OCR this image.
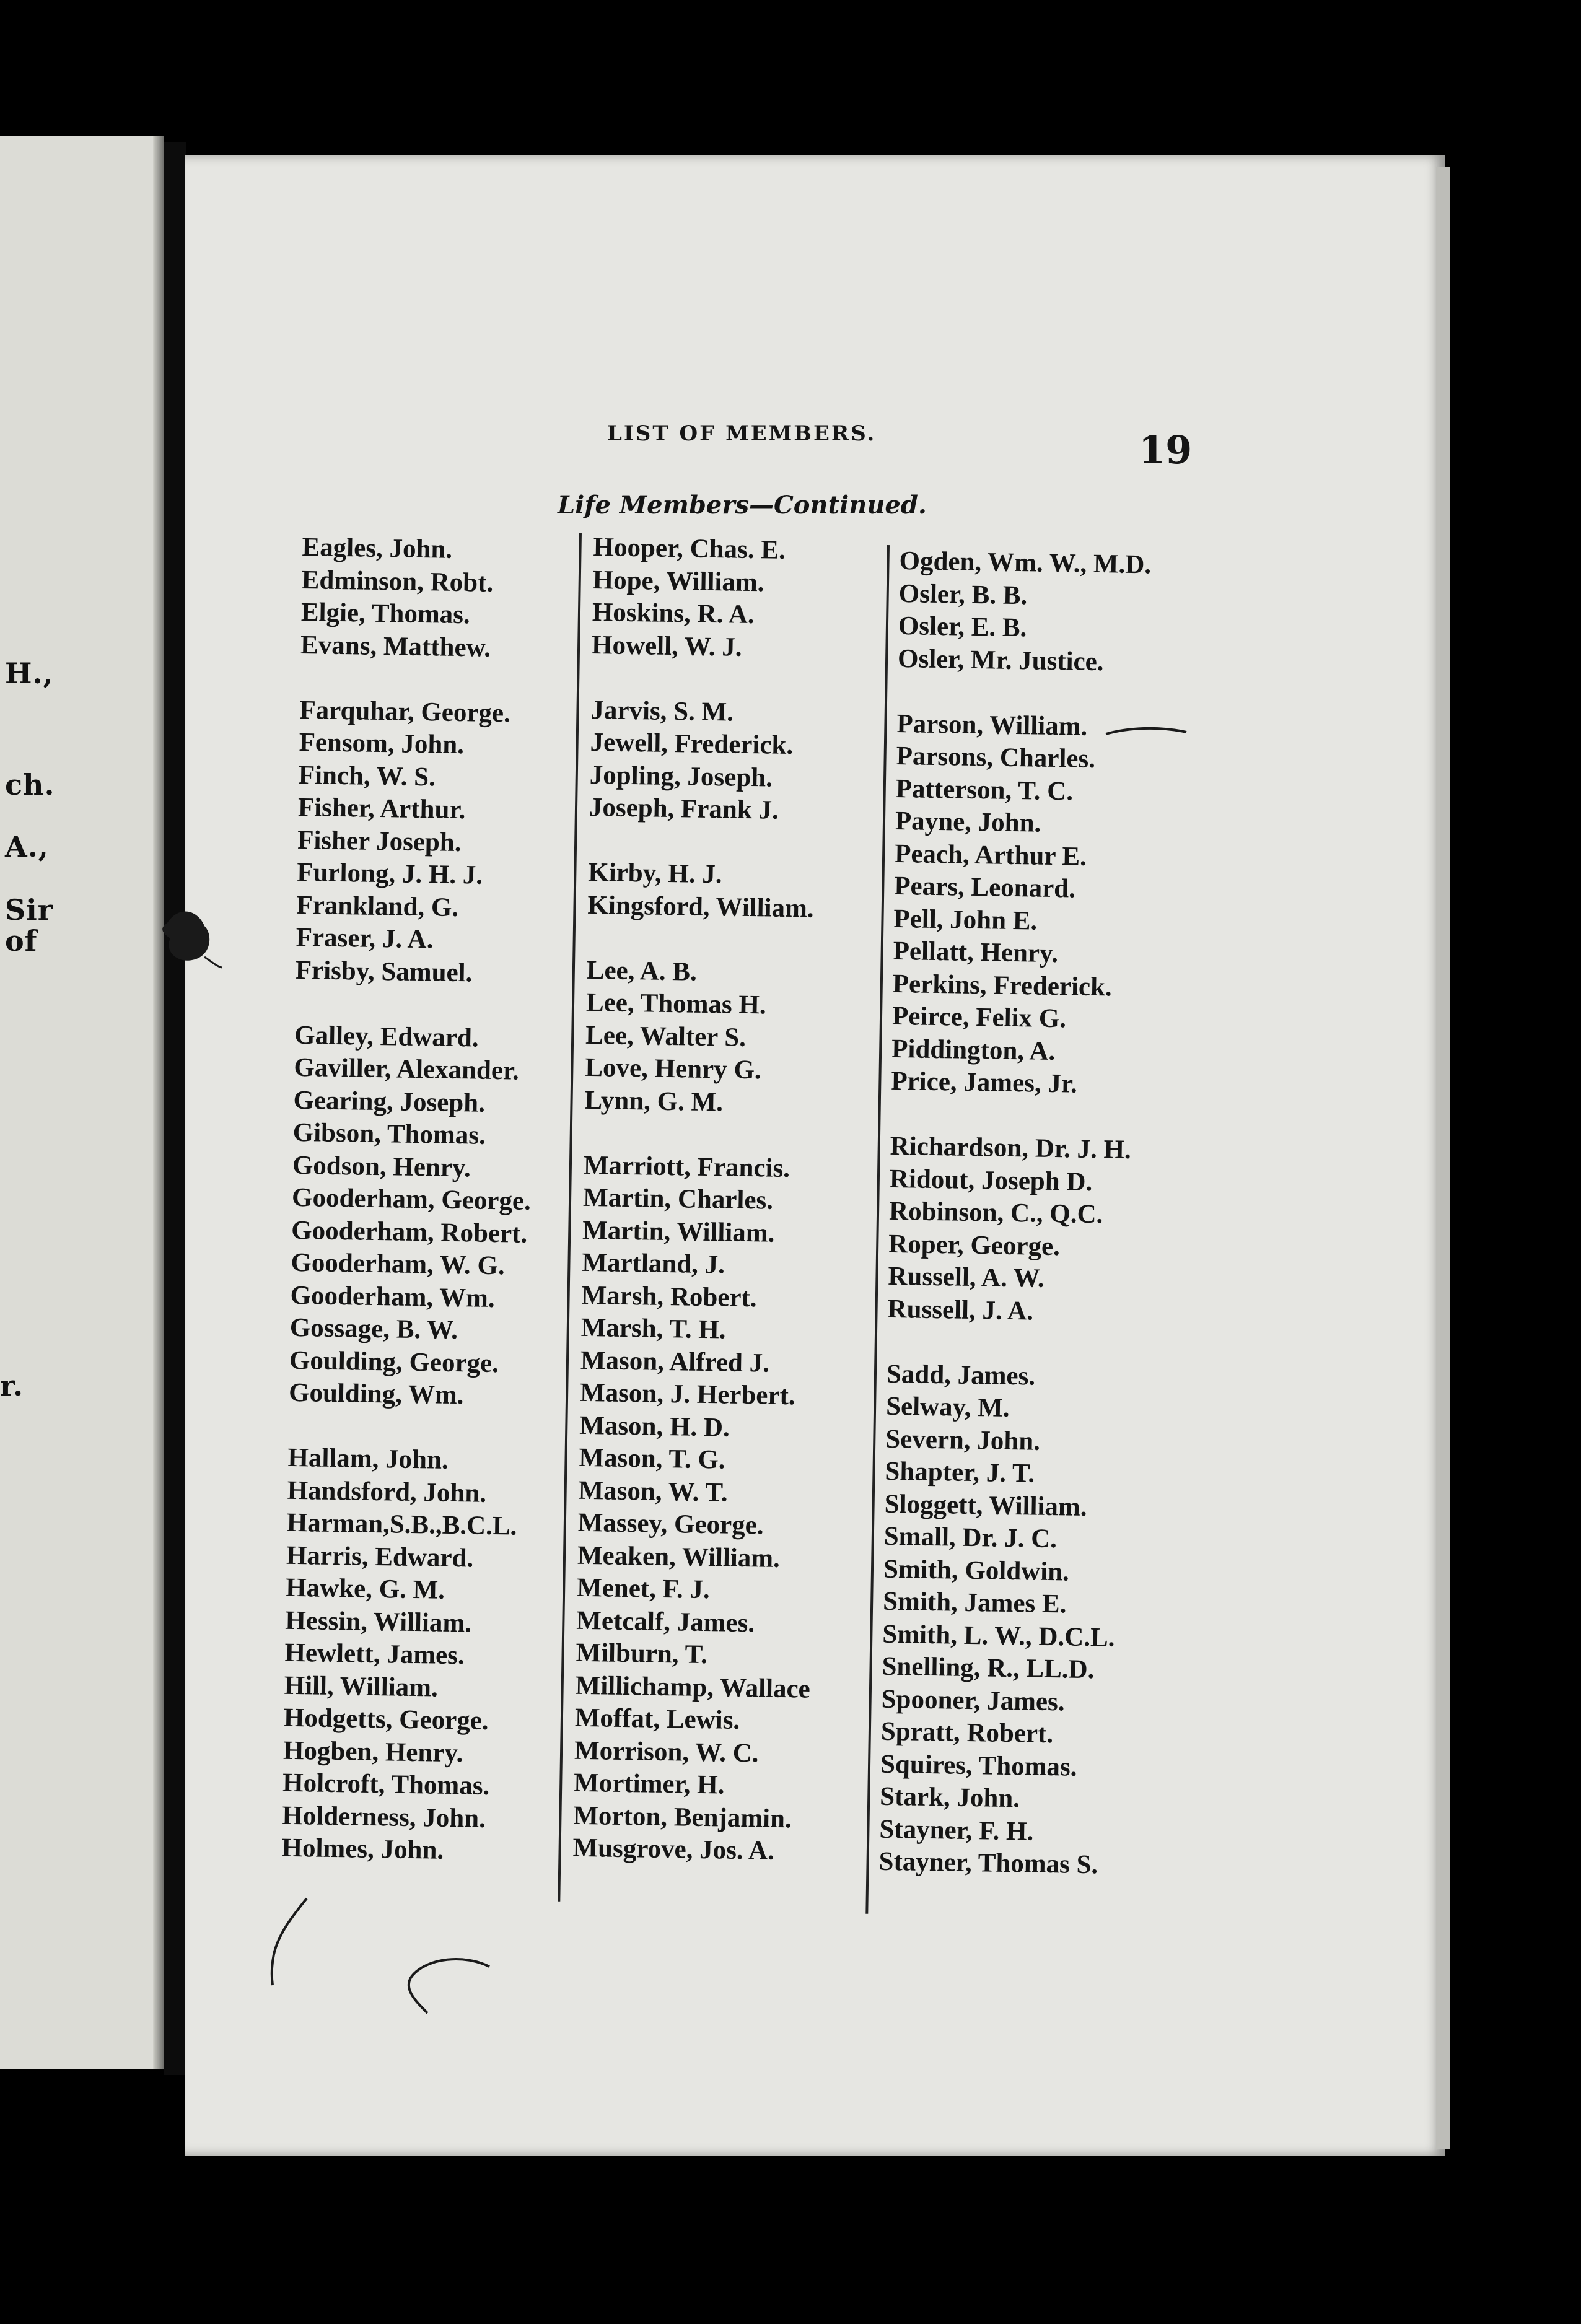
H.,
ch.
A.,
Sir
of
r.
LIST OF MEMBERS.	19
Life Members—Continued.
Eagles, John.
Edminson, Robt.
Elgie, Thomas.
Evans, Matthew.
Farquhar, George.
Fensom, John.
Finch, W. S.
Fisher, Arthur.
Fisher Joseph.
Furlong, J. H. J.
Frankland, G.
Fraser, J. A.
Frisby, Samuel.
Galley, Edward.
Gaviller, Alexander.
Gearing, Joseph.
Gibson, Thomas.
Godson, Henry.
Gooderham, George.
Gooderham, Robert.
Gooderham, W. G.
Gooderham, Wm.
Gossage, B. W.
Goulding, George.
Goulding, Wm.
Hallam, John.
Handsford, John.
Harman,S.B.,B.C.L.
Harris, Edward.
Hawke, G. M.
Hessin, William.
Hewlett, James.
Hill, William.
Hodgetts, George.
Hogben, Henry.
Holcroft, Thomas.
Holderness, John.
Holmes, John.
Hooper, Chas. E.
Hope, William.
Hoskins, R. A.
Howell, W. J.
Jarvis, S. M.
Jewell, Frederick.
Jopling, Joseph.
Joseph, Frank J.
Kirby, H. J.
Kingsford, William.
Lee, A. B.
Lee, Thomas H.
Lee, Walter S.
Love, Henry G.
Lynn, G. M.
Marriott, Francis.
Martin, Charles.
Martin, William.
Martland, J.
Marsh, Robert.
Marsh, T. H.
Mason, Alfred J.
Mason, J. Herbert.
Mason, H. D.
Mason, T. G.
Mason, W. T.
Massey, George.
Meaken, William.
Menet, F. J.
Metcalf, James.
Milburn, T.
Millichamp, Wallace
Moffat, Lewis.
Morrison, W. C.
Mortimer, H.
Morton, Benjamin.
Musgrove, Jos. A.
Ogden, Wm. W., M.D.
Osler, B. B.
Osler, E. B.
Osler, Mr. Justice.
Parson, William.
Parsons, Charles.
Patterson, T. C.
Payne, John.
Peach, Arthur E.
Pears, Leonard.
Pell, John E.
Pellatt, Henry.
Perkins, Frederick.
Peirce, Felix G.
Piddington, A.
Price, James, Jr.
Richardson, Dr. J. H.
Ridout, Joseph D.
Robinson, C., Q.C.
Roper, George.
Russell, A. W.
Russell, J. A.
Sadd, James.
Selway, M.
Severn, John.
Shapter, J. T.
Sloggett, William.
Small, Dr. J. C.
Smith, Goldwin.
Smith, James E.
Smith, L. W., D.C.L.
Snelling, R., LL.D.
Spooner, James.
Spratt, Robert.
Squires, Thomas.
Stark, John.
Stayner, F. H.
Stayner, Thomas S.
